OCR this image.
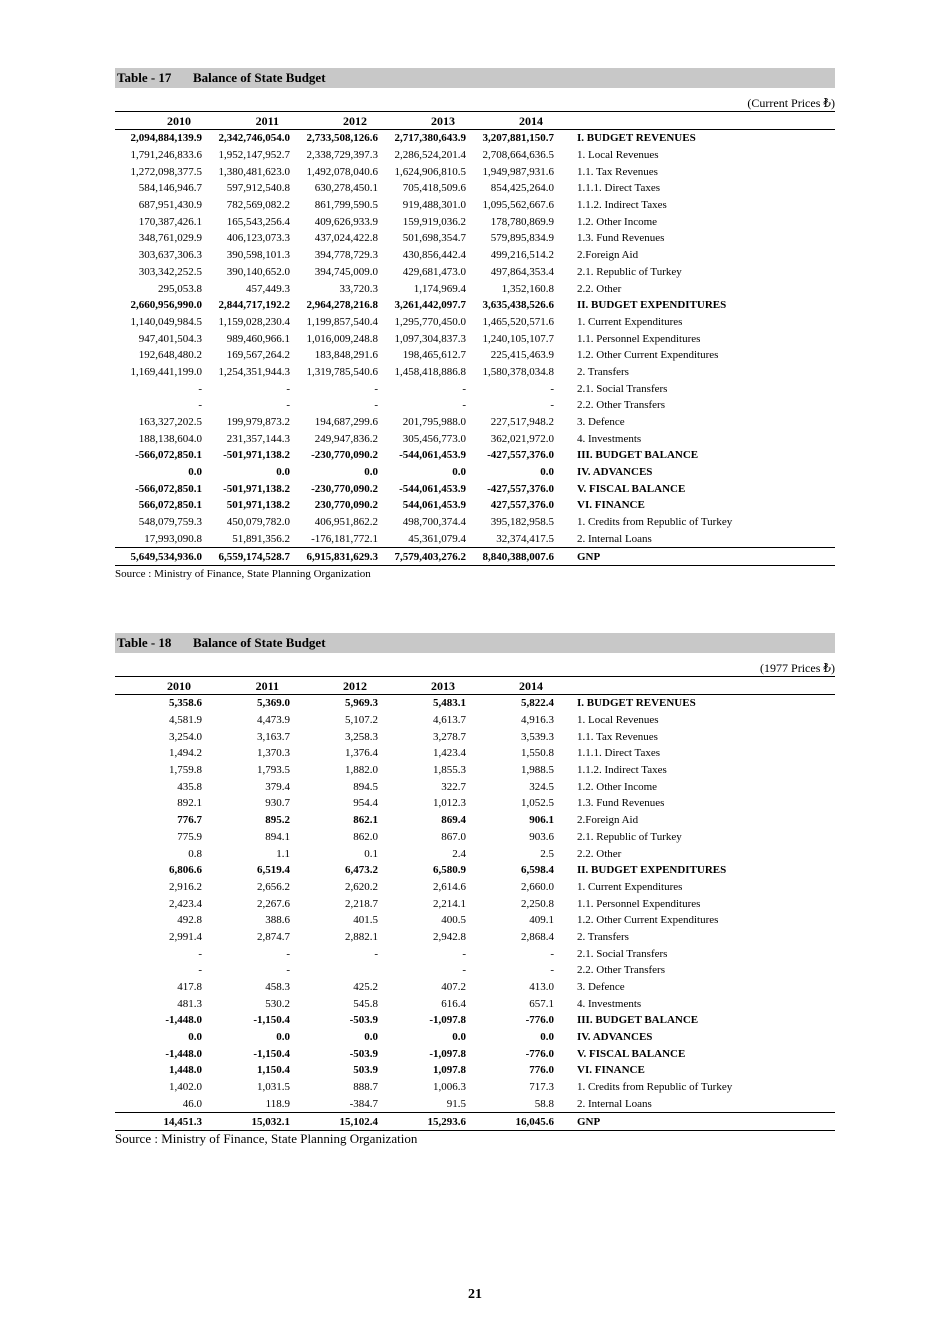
Table - 17 Balance of State Budget
(Current Prices ₺)
2010	2011	2012	2013	2014	
2,094,884,139.9	2,342,746,054.0	2,733,508,126.6	2,717,380,643.9	3,207,881,150.7	I. BUDGET REVENUES
1,791,246,833.6	1,952,147,952.7	2,338,729,397.3	2,286,524,201.4	2,708,664,636.5	1. Local Revenues
1,272,098,377.5	1,380,481,623.0	1,492,078,040.6	1,624,906,810.5	1,949,987,931.6	1.1. Tax Revenues
584,146,946.7	597,912,540.8	630,278,450.1	705,418,509.6	854,425,264.0	1.1.1. Direct Taxes
687,951,430.9	782,569,082.2	861,799,590.5	919,488,301.0	1,095,562,667.6	1.1.2. Indirect Taxes
170,387,426.1	165,543,256.4	409,626,933.9	159,919,036.2	178,780,869.9	1.2. Other Income
348,761,029.9	406,123,073.3	437,024,422.8	501,698,354.7	579,895,834.9	1.3. Fund Revenues
303,637,306.3	390,598,101.3	394,778,729.3	430,856,442.4	499,216,514.2	2.Foreign Aid
303,342,252.5	390,140,652.0	394,745,009.0	429,681,473.0	497,864,353.4	2.1. Republic of Turkey
295,053.8	457,449.3	33,720.3	1,174,969.4	1,352,160.8	2.2. Other
2,660,956,990.0	2,844,717,192.2	2,964,278,216.8	3,261,442,097.7	3,635,438,526.6	II. BUDGET EXPENDITURES
1,140,049,984.5	1,159,028,230.4	1,199,857,540.4	1,295,770,450.0	1,465,520,571.6	1. Current Expenditures
947,401,504.3	989,460,966.1	1,016,009,248.8	1,097,304,837.3	1,240,105,107.7	1.1. Personnel Expenditures
192,648,480.2	169,567,264.2	183,848,291.6	198,465,612.7	225,415,463.9	1.2. Other Current Expenditures
1,169,441,199.0	1,254,351,944.3	1,319,785,540.6	1,458,418,886.8	1,580,378,034.8	2. Transfers
-	-	-	-	-	2.1. Social Transfers
-	-	-	-	-	2.2. Other Transfers
163,327,202.5	199,979,873.2	194,687,299.6	201,795,988.0	227,517,948.2	3. Defence
188,138,604.0	231,357,144.3	249,947,836.2	305,456,773.0	362,021,972.0	4. Investments
-566,072,850.1	-501,971,138.2	-230,770,090.2	-544,061,453.9	-427,557,376.0	III. BUDGET BALANCE
0.0	0.0	0.0	0.0	0.0	IV. ADVANCES
-566,072,850.1	-501,971,138.2	-230,770,090.2	-544,061,453.9	-427,557,376.0	V. FISCAL BALANCE
566,072,850.1	501,971,138.2	230,770,090.2	544,061,453.9	427,557,376.0	VI. FINANCE
548,079,759.3	450,079,782.0	406,951,862.2	498,700,374.4	395,182,958.5	1. Credits from Republic of Turkey
17,993,090.8	51,891,356.2	-176,181,772.1	45,361,079.4	32,374,417.5	2. Internal Loans
5,649,534,936.0	6,559,174,528.7	6,915,831,629.3	7,579,403,276.2	8,840,388,007.6	GNP
Source : Ministry of Finance, State Planning Organization
Table - 18 Balance of State Budget
(1977 Prices ₺)
2010	2011	2012	2013	2014	
5,358.6	5,369.0	5,969.3	5,483.1	5,822.4	I. BUDGET REVENUES
4,581.9	4,473.9	5,107.2	4,613.7	4,916.3	1. Local Revenues
3,254.0	3,163.7	3,258.3	3,278.7	3,539.3	1.1. Tax Revenues
1,494.2	1,370.3	1,376.4	1,423.4	1,550.8	1.1.1. Direct Taxes
1,759.8	1,793.5	1,882.0	1,855.3	1,988.5	1.1.2. Indirect Taxes
435.8	379.4	894.5	322.7	324.5	1.2. Other Income
892.1	930.7	954.4	1,012.3	1,052.5	1.3. Fund Revenues
776.7	895.2	862.1	869.4	906.1	2.Foreign Aid
775.9	894.1	862.0	867.0	903.6	2.1. Republic of Turkey
0.8	1.1	0.1	2.4	2.5	2.2. Other
6,806.6	6,519.4	6,473.2	6,580.9	6,598.4	II. BUDGET EXPENDITURES
2,916.2	2,656.2	2,620.2	2,614.6	2,660.0	1. Current Expenditures
2,423.4	2,267.6	2,218.7	2,214.1	2,250.8	1.1. Personnel Expenditures
492.8	388.6	401.5	400.5	409.1	1.2. Other Current Expenditures
2,991.4	2,874.7	2,882.1	2,942.8	2,868.4	2. Transfers
-	-	-	-	-	2.1. Social Transfers
-	-		-	-	2.2. Other Transfers
417.8	458.3	425.2	407.2	413.0	3. Defence
481.3	530.2	545.8	616.4	657.1	4. Investments
-1,448.0	-1,150.4	-503.9	-1,097.8	-776.0	III. BUDGET BALANCE
0.0	0.0	0.0	0.0	0.0	IV. ADVANCES
-1,448.0	-1,150.4	-503.9	-1,097.8	-776.0	V. FISCAL BALANCE
1,448.0	1,150.4	503.9	1,097.8	776.0	VI. FINANCE
1,402.0	1,031.5	888.7	1,006.3	717.3	1. Credits from Republic of Turkey
46.0	118.9	-384.7	91.5	58.8	2. Internal Loans
14,451.3	15,032.1	15,102.4	15,293.6	16,045.6	GNP
Source : Ministry of Finance, State Planning Organization
21
